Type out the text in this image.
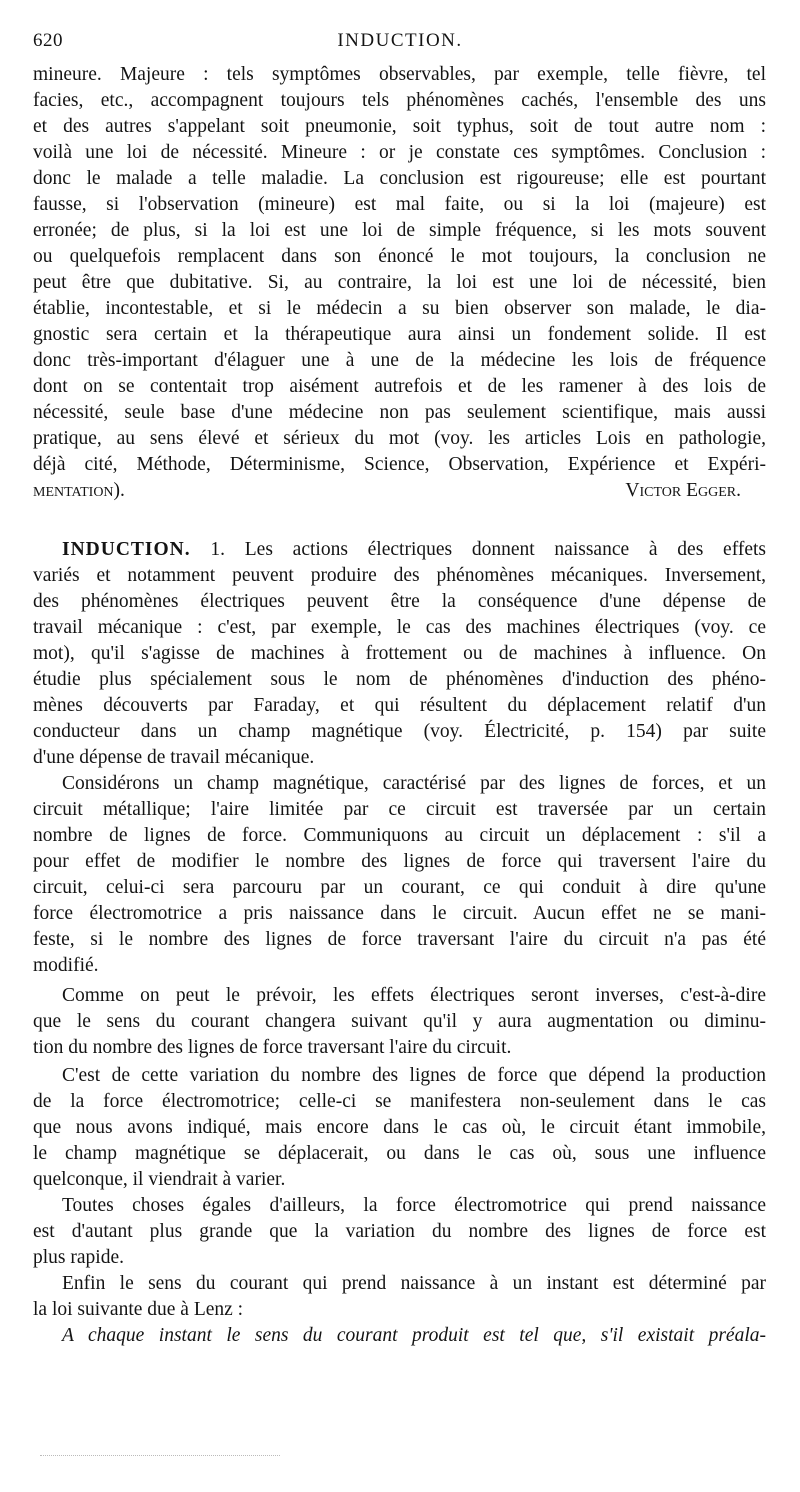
620	INDUCTION.
mineure. Majeure : tels symptômes observables, par exemple, telle fièvre, tel
facies, etc., accompagnent toujours tels phénomènes cachés, l'ensemble des uns
et des autres s'appelant soit pneumonie, soit typhus, soit de tout autre nom :
voilà une loi de nécessité. Mineure : or je constate ces symptômes. Conclusion :
donc le malade a telle maladie. La conclusion est rigoureuse; elle est pourtant
fausse, si l'observation (mineure) est mal faite, ou si la loi (majeure) est
erronée; de plus, si la loi est une loi de simple fréquence, si les mots souvent
ou quelquefois remplacent dans son énoncé le mot toujours, la conclusion ne
peut être que dubitative. Si, au contraire, la loi est une loi de nécessité, bien
établie, incontestable, et si le médecin a su bien observer son malade, le dia-
gnostic sera certain et la thérapeutique aura ainsi un fondement solide. Il est
donc très-important d'élaguer une à une de la médecine les lois de fréquence
dont on se contentait trop aisément autrefois et de les ramener à des lois de
nécessité, seule base d'une médecine non pas seulement scientifique, mais aussi
pratique, au sens élevé et sérieux du mot (voy. les articles Lois en pathologie,
déjà cité, Méthode, Déterminisme, Science, Observation, Expérience et Expéri-
mentation).	Victor Egger.
INDUCTION. 1. Les actions électriques donnent naissance à des effets
variés et notamment peuvent produire des phénomènes mécaniques. Inversement,
des phénomènes électriques peuvent être la conséquence d'une dépense de
travail mécanique : c'est, par exemple, le cas des machines électriques (voy. ce
mot), qu'il s'agisse de machines à frottement ou de machines à influence. On
étudie plus spécialement sous le nom de phénomènes d'induction des phéno-
mènes découverts par Faraday, et qui résultent du déplacement relatif d'un
conducteur dans un champ magnétique (voy. Électricité, p. 154) par suite
d'une dépense de travail mécanique.
Considérons un champ magnétique, caractérisé par des lignes de forces, et un
circuit métallique; l'aire limitée par ce circuit est traversée par un certain
nombre de lignes de force. Communiquons au circuit un déplacement : s'il a
pour effet de modifier le nombre des lignes de force qui traversent l'aire du
circuit, celui-ci sera parcouru par un courant, ce qui conduit à dire qu'une
force électromotrice a pris naissance dans le circuit. Aucun effet ne se mani-
feste, si le nombre des lignes de force traversant l'aire du circuit n'a pas été
modifié.
Comme on peut le prévoir, les effets électriques seront inverses, c'est-à-dire
que le sens du courant changera suivant qu'il y aura augmentation ou diminu-
tion du nombre des lignes de force traversant l'aire du circuit.
C'est de cette variation du nombre des lignes de force que dépend la production
de la force électromotrice; celle-ci se manifestera non-seulement dans le cas
que nous avons indiqué, mais encore dans le cas où, le circuit étant immobile,
le champ magnétique se déplacerait, ou dans le cas où, sous une influence
quelconque, il viendrait à varier.
Toutes choses égales d'ailleurs, la force électromotrice qui prend naissance
est d'autant plus grande que la variation du nombre des lignes de force est
plus rapide.
Enfin le sens du courant qui prend naissance à un instant est déterminé par
la loi suivante due à Lenz :
A chaque instant le sens du courant produit est tel que, s'il existait préala-
